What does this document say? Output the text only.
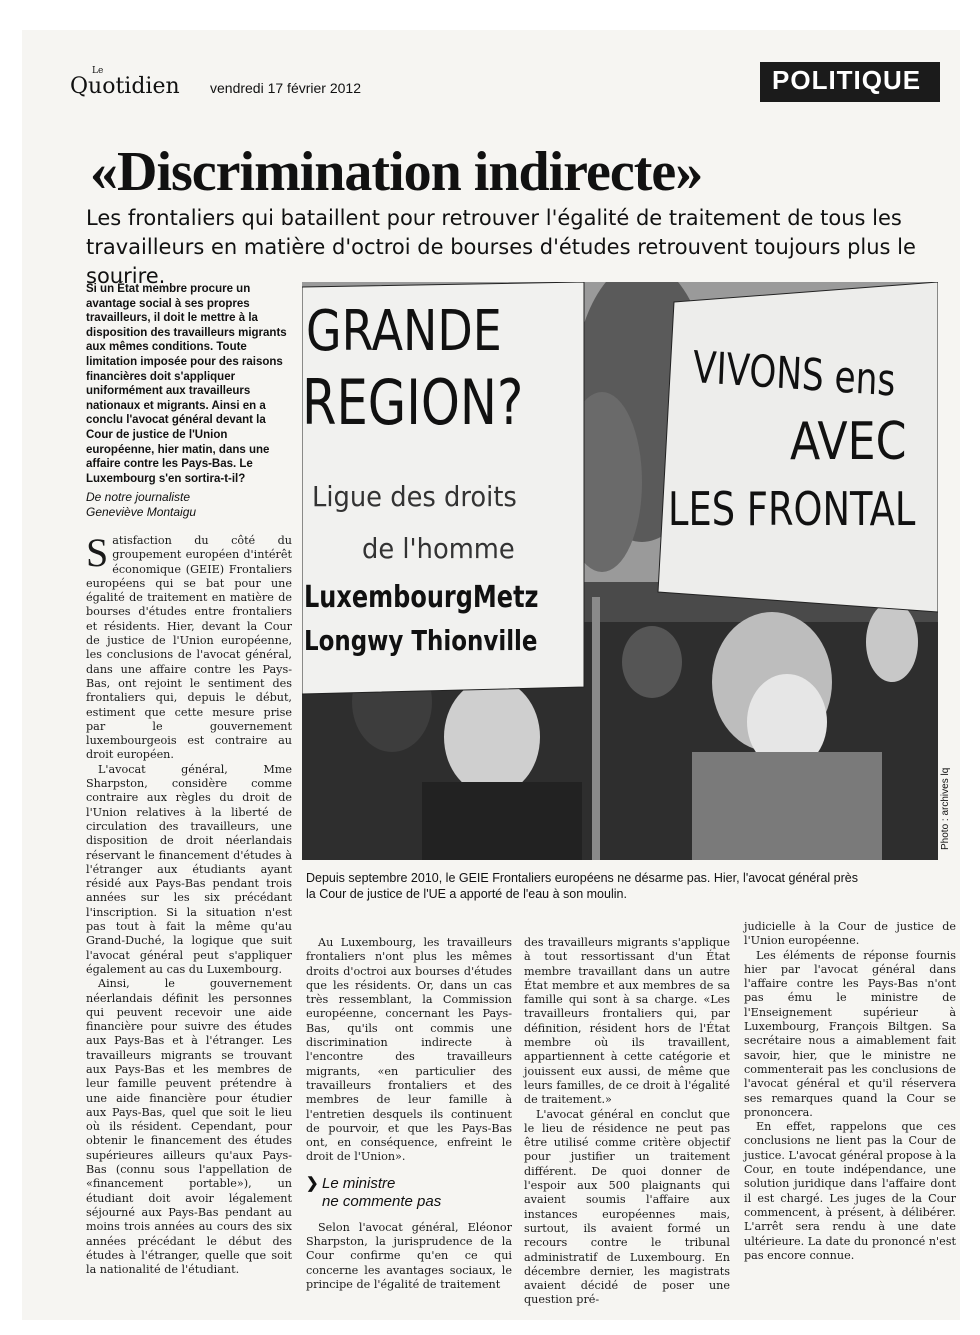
Le
Quotidien vendredi 17 février 2012	POLITIQUE
«Discrimination indirecte»
Les frontaliers qui bataillent pour retrouver l'égalité de traitement de tous les travailleurs en matière d'octroi de bourses d'études retrouvent toujours plus le sourire.
Si un État membre procure un avantage social à ses propres travailleurs, il doit le mettre à la disposition des travailleurs migrants aux mêmes conditions. Toute limitation imposée pour des raisons financières doit s'appliquer uniformément aux travailleurs nationaux et migrants. Ainsi en a conclu l'avocat général devant la Cour de justice de l'Union européenne, hier matin, dans une affaire contre les Pays-Bas. Le Luxembourg s'en sortira-t-il?
De notre journaliste
Geneviève Montaigu

Satisfaction du côté du groupement européen d'intérêt économique (GEIE) Frontaliers européens qui se bat pour une égalité de traitement en matière de bourses d'études entre frontaliers et résidents. Hier, devant la Cour de justice de l'Union européenne, les conclusions de l'avocat général, dans une affaire contre les Pays-Bas, ont rejoint le sentiment des frontaliers qui, depuis le début, estiment que cette mesure prise par le gouvernement luxembourgeois est contraire au droit européen.

L'avocat général, Mme Sharpston, considère comme contraire aux règles du droit de l'Union relatives à la liberté de circulation des travailleurs, une disposition de droit néerlandais réservant le financement d'études à l'étranger aux étudiants ayant résidé aux Pays-Bas pendant trois années sur les six précédant l'inscription. Si la situation n'est pas tout à fait la même qu'au Grand-Duché, la logique que suit l'avocat général peut s'appliquer également au cas du Luxembourg.

Ainsi, le gouvernement néerlandais définit les personnes qui peuvent recevoir une aide financière pour suivre des études aux Pays-Bas et à l'étranger. Les travailleurs migrants se trouvant aux Pays-Bas et les membres de leur famille peuvent prétendre à une aide financière pour étudier aux Pays-Bas, quel que soit le lieu où ils résident. Cependant, pour obtenir le financement des études supérieures ailleurs qu'aux Pays-Bas (connu sous l'appellation de «financement portable»), un étudiant doit avoir légalement séjourné aux Pays-Bas pendant au moins trois années au cours des six années précédant le début des études à l'étranger, quelle que soit la nationalité de l'étudiant.

GRANDE
REGION?
Ligue des droits
de l'homme
LuxembourgMetz
Longwy Thionville
VIVONS ens
AVEC
LES FRONTAL
Photo : archives lq
Depuis septembre 2010, le GEIE Frontaliers européens ne désarme pas. Hier, l'avocat général près la Cour de justice de l'UE a apporté de l'eau à son moulin.

Au Luxembourg, les travailleurs frontaliers n'ont plus les mêmes droits d'octroi aux bourses d'études que les résidents. Or, dans un cas très ressemblant, la Commission européenne, concernant les Pays-Bas, qu'ils ont commis une discrimination indirecte à l'encontre des travailleurs migrants, «en particulier des travailleurs frontaliers et des membres de leur famille à l'entretien desquels ils continuent de pourvoir, et que les Pays-Bas ont, en conséquence, enfreint le droit de l'Union».

❯ Le ministre
ne commente pas

Selon l'avocat général, Eléonor Sharpston, la jurisprudence de la Cour confirme qu'en ce qui concerne les avantages sociaux, le principe de l'égalité de traitement

des travailleurs migrants s'applique à tout ressortissant d'un État membre travaillant dans un autre État membre et aux membres de sa famille qui sont à sa charge. «Les travailleurs frontaliers qui, par définition, résident hors de l'État membre où ils travaillent, appartiennent à cette catégorie et jouissent eux aussi, de même que leurs familles, de ce droit à l'égalité de traitement.»

L'avocat général en conclut que le lieu de résidence ne peut pas être utilisé comme critère objectif pour justifier un traitement différent. De quoi donner de l'espoir aux 500 plaignants qui avaient soumis l'affaire aux instances européennes mais, surtout, ils avaient formé un recours contre le tribunal administratif de Luxembourg. En décembre dernier, les magistrats avaient décidé de poser une question pré-

judicielle à la Cour de justice de l'Union européenne.

Les éléments de réponse fournis hier par l'avocat général dans l'affaire contre les Pays-Bas n'ont pas ému le ministre de l'Enseignement supérieur à Luxembourg, François Biltgen. Sa secrétaire nous a aimablement fait savoir, hier, que le ministre ne commenterait pas les conclusions de l'avocat général et qu'il réservera ses remarques quand la Cour se prononcera.

En effet, rappelons que ces conclusions ne lient pas la Cour de justice. L'avocat général propose à la Cour, en toute indépendance, une solution juridique dans l'affaire dont il est chargé. Les juges de la Cour commencent, à présent, à délibérer. L'arrêt sera rendu à une date ultérieure. La date du prononcé n'est pas encore connue.
